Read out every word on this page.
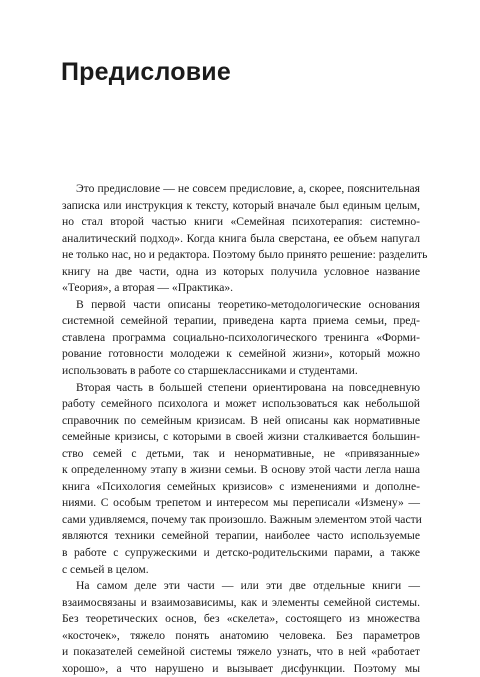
Предисловие
Это предисловие — не совсем предисловие, а, скорее, пояснительная
записка или инструкция к тексту, который вначале был единым целым,
но стал второй частью книги «Семейная психотерапия: системно-
аналитический подход». Когда книга была сверстана, ее объем напугал
не только нас, но и редактора. Поэтому было принято решение: разделить
книгу на две части, одна из которых получила условное название
«Теория», а вторая — «Практика».
В первой части описаны теоретико-методологические основания
системной семейной терапии, приведена карта приема семьи, пред-
ставлена программа социально-психологического тренинга «Форми-
рование готовности молодежи к семейной жизни», который можно
использовать в работе со старшеклассниками и студентами.
Вторая часть в большей степени ориентирована на повседневную
работу семейного психолога и может использоваться как небольшой
справочник по семейным кризисам. В ней описаны как нормативные
семейные кризисы, с которыми в своей жизни сталкивается большин-
ство семей с детьми, так и ненормативные, не «привязанные»
к определенному этапу в жизни семьи. В основу этой части легла наша
книга «Психология семейных кризисов» с изменениями и дополне-
ниями. С особым трепетом и интересом мы переписали «Измену» —
сами удивляемся, почему так произошло. Важным элементом этой части
являются техники семейной терапии, наиболее часто используемые
в работе с супружескими и детско-родительскими парами, а также
с семьей в целом.
На самом деле эти части — или эти две отдельные книги —
взаимосвязаны и взаимозависимы, как и элементы семейной системы.
Без теоретических основ, без «скелета», состоящего из множества
«косточек», тяжело понять анатомию человека. Без параметров
и показателей семейной системы тяжело узнать, что в ней «работает
хорошо», а что нарушено и вызывает дисфункции. Поэтому мы
